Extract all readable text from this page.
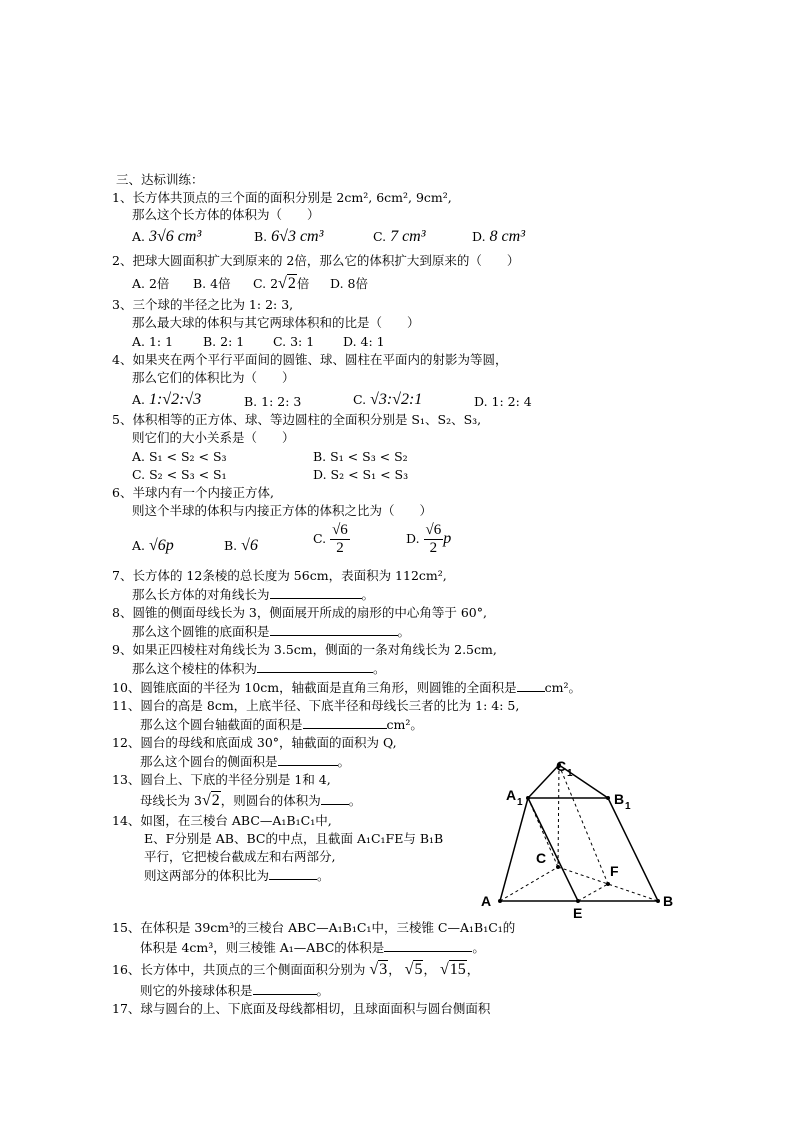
三、达标训练：
1、长方体共顶点的三个面的面积分别是 2cm², 6cm², 9cm²,
那么这个长方体的体积为（　　）
A. 3√6 cm³	B. 6√3 cm³	C. 7 cm³	D. 8 cm³
2、把球大圆面积扩大到原来的 2倍，那么它的体积扩大到原来的（　　）
A. 2倍 B. 4倍 C. 2√2倍 D. 8倍
3、三个球的半径之比为 1: 2: 3,
那么最大球的体积与其它两球体积和的比是（　　）
A. 1: 1 B. 2: 1 C. 3: 1 D. 4: 1
4、如果夹在两个平行平面间的圆锥、球、圆柱在平面内的射影为等圆，
那么它们的体积比为（　　）
A. 1:√2:√3	B. 1: 2: 3	C. √3:√2:1	D. 1: 2: 4
5、体积相等的正方体、球、等边圆柱的全面积分别是 S₁、S₂、S₃,
则它们的大小关系是（　　）
A. S₁ < S₂ < S₃	B. S₁ < S₃ < S₂
C. S₂ < S₃ < S₁	D. S₂ < S₁ < S₃
6、半球内有一个内接正方体,
则这个半球的体积与内接正方体的体积之比为（　　）
A. √6p	B. √6	C. $\frac{√6}{2}$	D. $\frac{√6}{2}$ p
7、长方体的 12条棱的总长度为 56cm，表面积为 112cm²,
那么长方体的对角线长为	。
8、圆锥的侧面母线长为 3，侧面展开所成的扇形的中心角等于 60°,
那么这个圆锥的底面积是	。
9、如果正四棱柱对角线长为 3.5cm，侧面的一条对角线长为 2.5cm,
那么这个棱柱的体积为	。
10、圆锥底面的半径为 10cm，轴截面是直角三角形，则圆锥的全面积是 cm²。
11、圆台的高是 8cm，上底半径、下底半径和母线长三者的比为 1: 4: 5,
那么这个圆台轴截面的面积是	cm²。
12、圆台的母线和底面成 30°，轴截面的面积为 Q,
那么这个圆台的侧面积是	。
13、圆台上、下底的半径分别是 1和 4,
母线长为 3√2，则圆台的体积为 。
14、如图，在三棱台 ABC—A₁B₁C₁中,
E、F分别是 AB、BC的中点，且截面 A₁C₁FE与 B₁B
平行，它把棱台截成左和右两部分,
则这两部分的体积比为	。
C 1
A 1	B 1
C
F
A
E
B
15、在体积是 39cm³的三棱台 ABC—A₁B₁C₁中，三棱锥 C—A₁B₁C₁的
体积是 4cm³，则三棱锥 A₁—ABC的体积是	。
16、长方体中，共顶点的三个侧面面积分别为 √3， √5， √15，
则它的外接球体积是	。
17、球与圆台的上、下底面及母线都相切，且球面面积与圆台侧面积
